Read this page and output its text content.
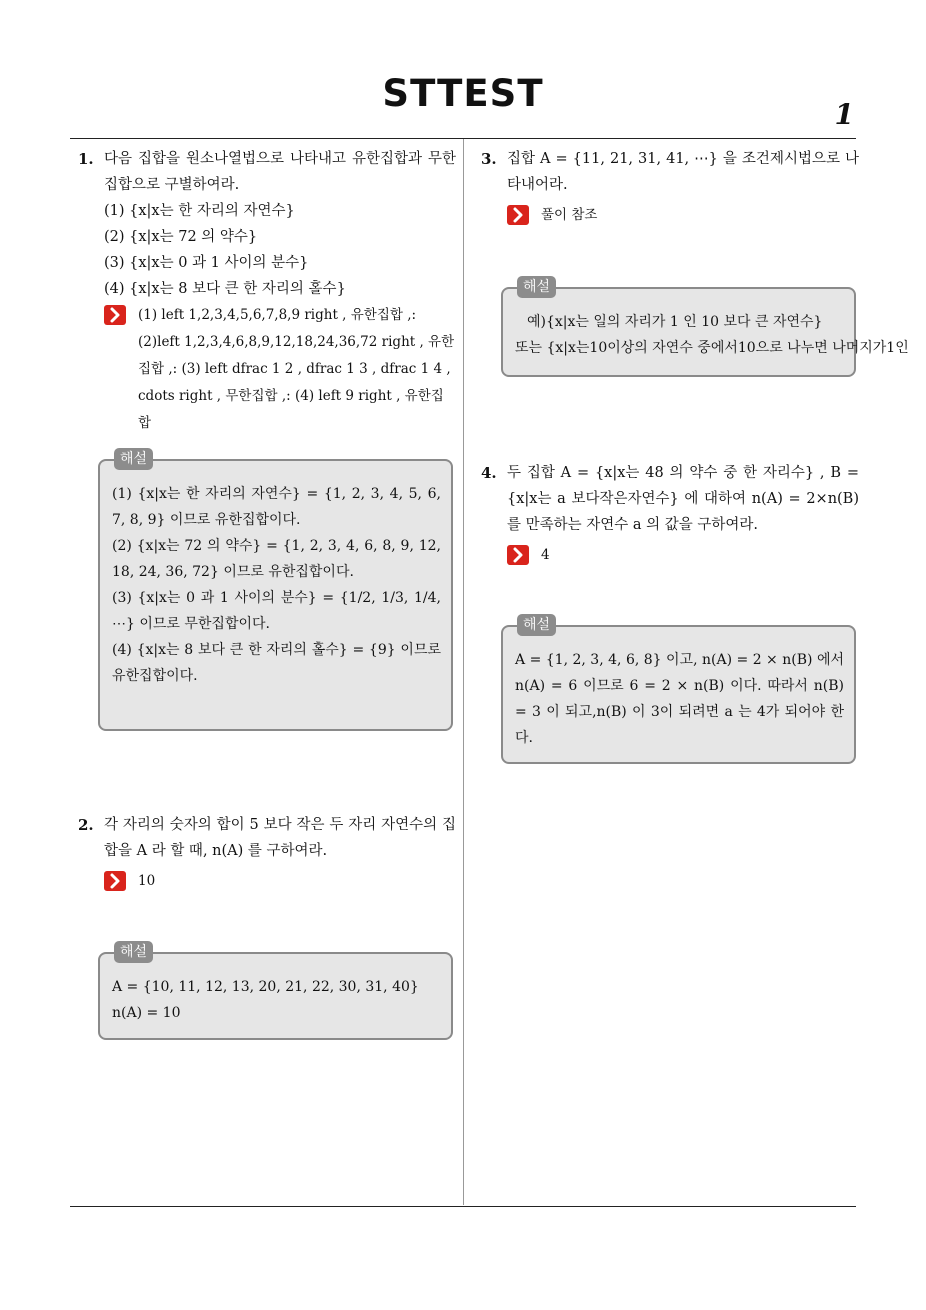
STTEST	1
1. 다음 집합을 원소나열법으로 나타내고 유한집합과 무한집합으로 구별하여라.
(1) {x|x는 한 자리의 자연수}
(2) {x|x는 72 의 약수}
(3) {x|x는 0 과 1 사이의 분수}
(4) {x|x는 8 보다 큰 한 자리의 홀수}
(1) left 1,2,3,4,5,6,7,8,9 right , 유한집합 ,: (2)left 1,2,3,4,6,8,9,12,18,24,36,72 right , 유한집합 ,: (3) left dfrac 1 2 , dfrac 1 3 , dfrac 1 4 , cdots right , 무한집합 ,: (4) left 9 right , 유한집합
해설
(1) {x|x는 한 자리의 자연수} = {1, 2, 3, 4, 5, 6, 7, 8, 9} 이므로 유한집합이다.
(2) {x|x는 72 의 약수} = {1, 2, 3, 4, 6, 8, 9, 12, 18, 24, 36, 72} 이므로 유한집합이다.
(3) {x|x는 0 과 1 사이의 분수} = {1/2, 1/3, 1/4, ⋯} 이므로 무한집합이다.
(4) {x|x는 8 보다 큰 한 자리의 홀수} = {9} 이므로 유한집합이다.
2. 각 자리의 숫자의 합이 5 보다 작은 두 자리 자연수의 집합을 A 라 할 때, n(A) 를 구하여라.
10
해설
A = {10, 11, 12, 13, 20, 21, 22, 30, 31, 40}
n(A) = 10
3. 집합 A = {11, 21, 31, 41, ⋯} 을 조건제시법으로 나타내어라.
풀이 참조
해설
예){x|x는 일의 자리가 1 인 10 보다 큰 자연수}
또는 {x|x는10이상의 자연수 중에서10으로 나누면 나머지가1인
4. 두 집합 A = {x|x는 48 의 약수 중 한 자리수} , B = {x|x는 a 보다작은자연수} 에 대하여 n(A) = 2×n(B) 를 만족하는 자연수 a 의 값을 구하여라.
4
해설
A = {1, 2, 3, 4, 6, 8} 이고, n(A) = 2 × n(B) 에서 n(A) = 6 이므로 6 = 2 × n(B) 이다. 따라서 n(B) = 3 이 되고,n(B) 이 3이 되려면 a 는 4가 되어야 한다.
